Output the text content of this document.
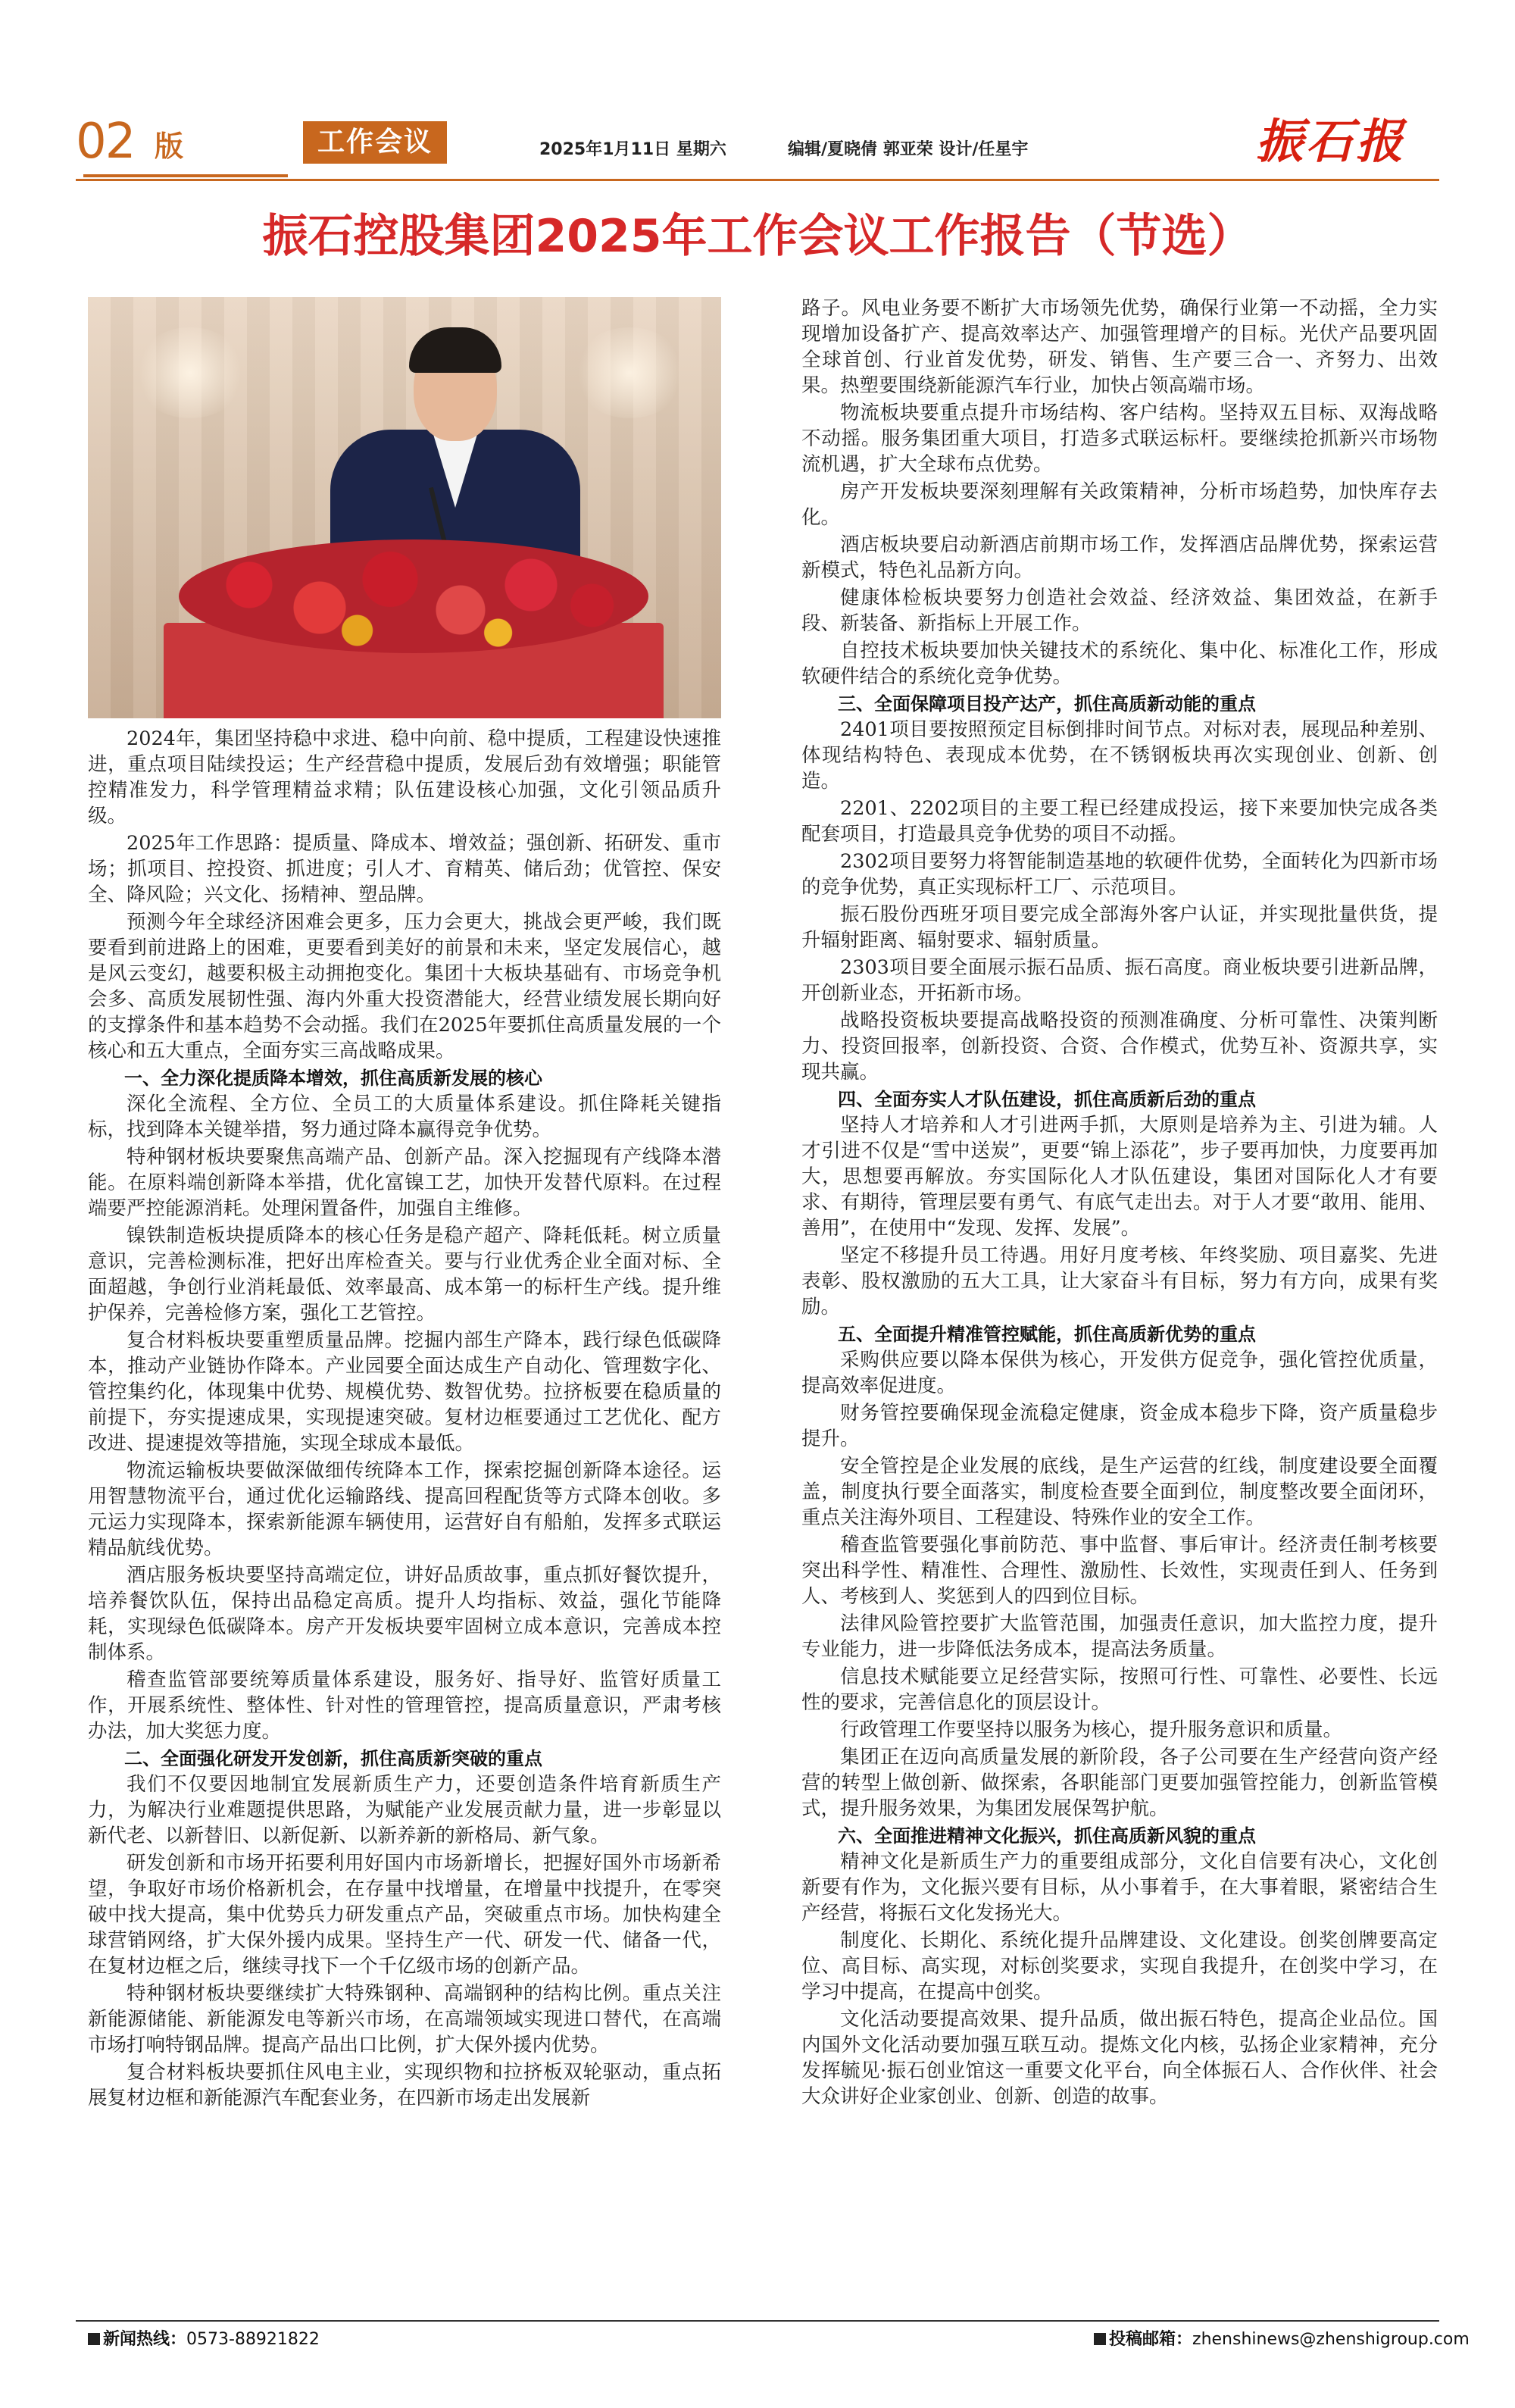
02 版	工作会议	2025年1月11日 星期六	编辑/夏晓倩 郭亚荣 设计/任星宇	振石报
振石控股集团2025年工作会议工作报告（节选）

2024年，集团坚持稳中求进、稳中向前、稳中提质，工程建设快速推进，重点项目陆续投运；生产经营稳中提质，发展后劲有效增强；职能管控精准发力，科学管理精益求精；队伍建设核心加强，文化引领品质升级。

2025年工作思路：提质量、降成本、增效益；强创新、拓研发、重市场；抓项目、控投资、抓进度；引人才、育精英、储后劲；优管控、保安全、降风险；兴文化、扬精神、塑品牌。

预测今年全球经济困难会更多，压力会更大，挑战会更严峻，我们既要看到前进路上的困难，更要看到美好的前景和未来，坚定发展信心，越是风云变幻，越要积极主动拥抱变化。集团十大板块基础有、市场竞争机会多、高质发展韧性强、海内外重大投资潜能大，经营业绩发展长期向好的支撑条件和基本趋势不会动摇。我们在2025年要抓住高质量发展的一个核心和五大重点，全面夯实三高战略成果。

一、全力深化提质降本增效，抓住高质新发展的核心

深化全流程、全方位、全员工的大质量体系建设。抓住降耗关键指标，找到降本关键举措，努力通过降本赢得竞争优势。

特种钢材板块要聚焦高端产品、创新产品。深入挖掘现有产线降本潜能。在原料端创新降本举措，优化富镍工艺，加快开发替代原料。在过程端要严控能源消耗。处理闲置备件，加强自主维修。

镍铁制造板块提质降本的核心任务是稳产超产、降耗低耗。树立质量意识，完善检测标准，把好出库检查关。要与行业优秀企业全面对标、全面超越，争创行业消耗最低、效率最高、成本第一的标杆生产线。提升维护保养，完善检修方案，强化工艺管控。

复合材料板块要重塑质量品牌。挖掘内部生产降本，践行绿色低碳降本，推动产业链协作降本。产业园要全面达成生产自动化、管理数字化、管控集约化，体现集中优势、规模优势、数智优势。拉挤板要在稳质量的前提下，夯实提速成果，实现提速突破。复材边框要通过工艺优化、配方改进、提速提效等措施，实现全球成本最低。

物流运输板块要做深做细传统降本工作，探索挖掘创新降本途径。运用智慧物流平台，通过优化运输路线、提高回程配货等方式降本创收。多元运力实现降本，探索新能源车辆使用，运营好自有船舶，发挥多式联运精品航线优势。

酒店服务板块要坚持高端定位，讲好品质故事，重点抓好餐饮提升，培养餐饮队伍，保持出品稳定高质。提升人均指标、效益，强化节能降耗，实现绿色低碳降本。房产开发板块要牢固树立成本意识，完善成本控制体系。

稽查监管部要统筹质量体系建设，服务好、指导好、监管好质量工作，开展系统性、整体性、针对性的管理管控，提高质量意识，严肃考核办法，加大奖惩力度。

二、全面强化研发开发创新，抓住高质新突破的重点

我们不仅要因地制宜发展新质生产力，还要创造条件培育新质生产力，为解决行业难题提供思路，为赋能产业发展贡献力量，进一步彰显以新代老、以新替旧、以新促新、以新养新的新格局、新气象。

研发创新和市场开拓要利用好国内市场新增长，把握好国外市场新希望，争取好市场价格新机会，在存量中找增量，在增量中找提升，在零突破中找大提高，集中优势兵力研发重点产品，突破重点市场。加快构建全球营销网络，扩大保外援内成果。坚持生产一代、研发一代、储备一代，在复材边框之后，继续寻找下一个千亿级市场的创新产品。

特种钢材板块要继续扩大特殊钢种、高端钢种的结构比例。重点关注新能源储能、新能源发电等新兴市场，在高端领域实现进口替代，在高端市场打响特钢品牌。提高产品出口比例，扩大保外援内优势。

复合材料板块要抓住风电主业，实现织物和拉挤板双轮驱动，重点拓展复材边框和新能源汽车配套业务，在四新市场走出发展新

路子。风电业务要不断扩大市场领先优势，确保行业第一不动摇，全力实现增加设备扩产、提高效率达产、加强管理增产的目标。光伏产品要巩固全球首创、行业首发优势，研发、销售、生产要三合一、齐努力、出效果。热塑要围绕新能源汽车行业，加快占领高端市场。

物流板块要重点提升市场结构、客户结构。坚持双五目标、双海战略不动摇。服务集团重大项目，打造多式联运标杆。要继续抢抓新兴市场物流机遇，扩大全球布点优势。

房产开发板块要深刻理解有关政策精神，分析市场趋势，加快库存去化。

酒店板块要启动新酒店前期市场工作，发挥酒店品牌优势，探索运营新模式，特色礼品新方向。

健康体检板块要努力创造社会效益、经济效益、集团效益，在新手段、新装备、新指标上开展工作。

自控技术板块要加快关键技术的系统化、集中化、标准化工作，形成软硬件结合的系统化竞争优势。

三、全面保障项目投产达产，抓住高质新动能的重点

2401项目要按照预定目标倒排时间节点。对标对表，展现品种差别、体现结构特色、表现成本优势，在不锈钢板块再次实现创业、创新、创造。

2201、2202项目的主要工程已经建成投运，接下来要加快完成各类配套项目，打造最具竞争优势的项目不动摇。

2302项目要努力将智能制造基地的软硬件优势，全面转化为四新市场的竞争优势，真正实现标杆工厂、示范项目。

振石股份西班牙项目要完成全部海外客户认证，并实现批量供货，提升辐射距离、辐射要求、辐射质量。

2303项目要全面展示振石品质、振石高度。商业板块要引进新品牌，开创新业态，开拓新市场。

战略投资板块要提高战略投资的预测准确度、分析可靠性、决策判断力、投资回报率，创新投资、合资、合作模式，优势互补、资源共享，实现共赢。

四、全面夯实人才队伍建设，抓住高质新后劲的重点

坚持人才培养和人才引进两手抓，大原则是培养为主、引进为辅。人才引进不仅是“雪中送炭”，更要“锦上添花”，步子要再加快，力度要再加大，思想要再解放。夯实国际化人才队伍建设，集团对国际化人才有要求、有期待，管理层要有勇气、有底气走出去。对于人才要“敢用、能用、善用”，在使用中“发现、发挥、发展”。

坚定不移提升员工待遇。用好月度考核、年终奖励、项目嘉奖、先进表彰、股权激励的五大工具，让大家奋斗有目标，努力有方向，成果有奖励。

五、全面提升精准管控赋能，抓住高质新优势的重点

采购供应要以降本保供为核心，开发供方促竞争，强化管控优质量，提高效率促进度。

财务管控要确保现金流稳定健康，资金成本稳步下降，资产质量稳步提升。

安全管控是企业发展的底线，是生产运营的红线，制度建设要全面覆盖，制度执行要全面落实，制度检查要全面到位，制度整改要全面闭环，重点关注海外项目、工程建设、特殊作业的安全工作。

稽查监管要强化事前防范、事中监督、事后审计。经济责任制考核要突出科学性、精准性、合理性、激励性、长效性，实现责任到人、任务到人、考核到人、奖惩到人的四到位目标。

法律风险管控要扩大监管范围，加强责任意识，加大监控力度，提升专业能力，进一步降低法务成本，提高法务质量。

信息技术赋能要立足经营实际，按照可行性、可靠性、必要性、长远性的要求，完善信息化的顶层设计。

行政管理工作要坚持以服务为核心，提升服务意识和质量。

集团正在迈向高质量发展的新阶段，各子公司要在生产经营向资产经营的转型上做创新、做探索，各职能部门更要加强管控能力，创新监管模式，提升服务效果，为集团发展保驾护航。

六、全面推进精神文化振兴，抓住高质新风貌的重点

精神文化是新质生产力的重要组成部分，文化自信要有决心，文化创新要有作为，文化振兴要有目标，从小事着手，在大事着眼，紧密结合生产经营，将振石文化发扬光大。

制度化、长期化、系统化提升品牌建设、文化建设。创奖创牌要高定位、高目标、高实现，对标创奖要求，实现自我提升，在创奖中学习，在学习中提高，在提高中创奖。

文化活动要提高效果、提升品质，做出振石特色，提高企业品位。国内国外文化活动要加强互联互动。提炼文化内核，弘扬企业家精神，充分发挥毓见·振石创业馆这一重要文化平台，向全体振石人、合作伙伴、社会大众讲好企业家创业、创新、创造的故事。

新闻热线：0573-88921822	投稿邮箱：zhenshinews@zhenshigroup.com
